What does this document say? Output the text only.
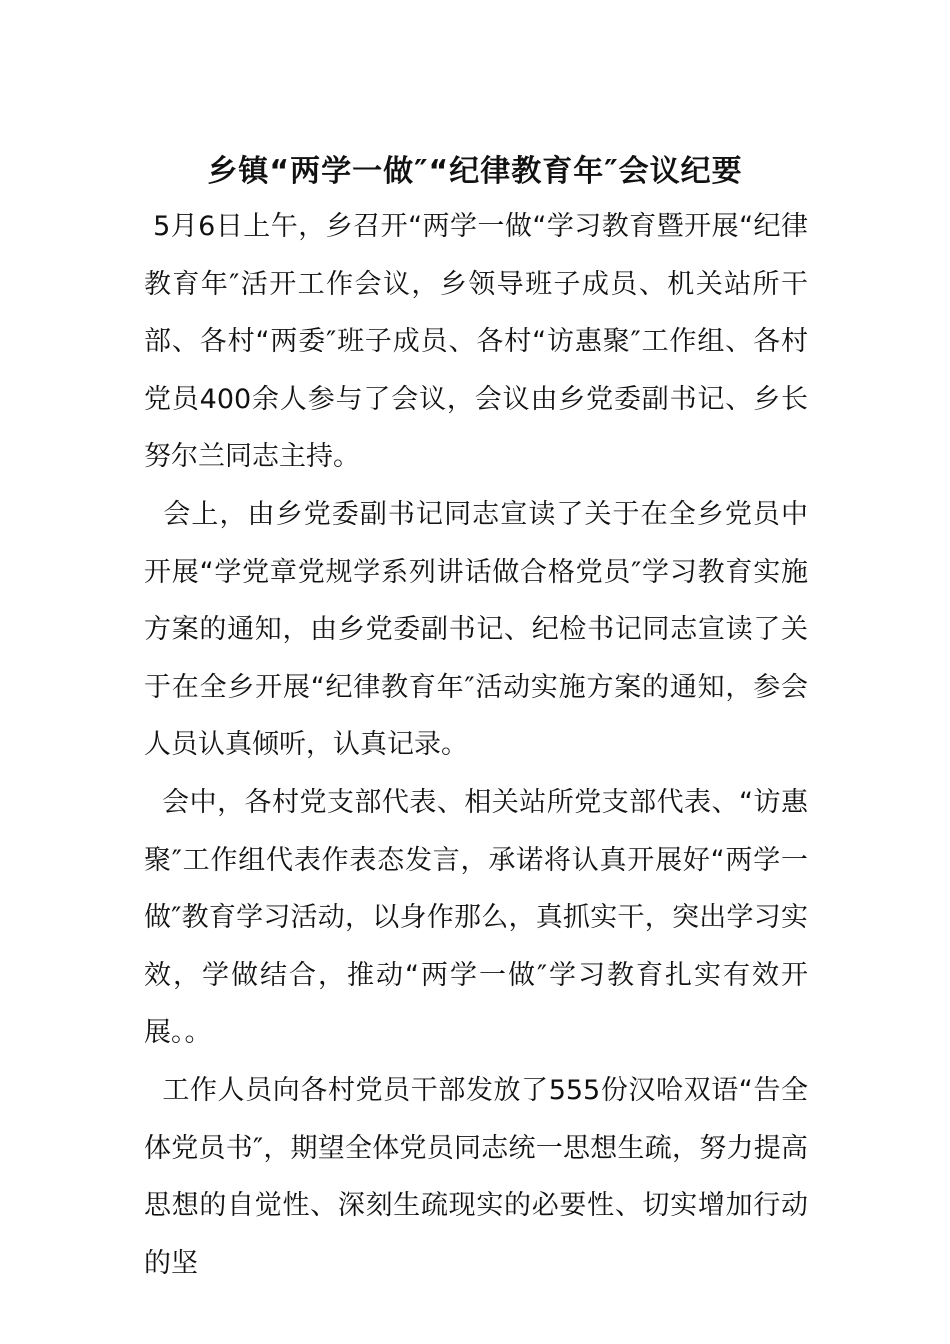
乡镇“两学一做″“纪律教育年″会议纪要

5月6日上午，乡召开“两学一做“学习教育暨开展“纪律教育年″活开工作会议，乡领导班子成员、机关站所干部、各村“两委″班子成员、各村“访惠聚″工作组、各村党员400余人参与了会议，会议由乡党委副书记、乡长努尔兰同志主持。

会上，由乡党委副书记同志宣读了关于在全乡党员中开展“学党章党规学系列讲话做合格党员″学习教育实施方案的通知，由乡党委副书记、纪检书记同志宣读了关于在全乡开展“纪律教育年″活动实施方案的通知，参会人员认真倾听，认真记录。

会中，各村党支部代表、相关站所党支部代表、“访惠聚″工作组代表作表态发言，承诺将认真开展好“两学一做″教育学习活动，以身作那么，真抓实干，突出学习实效，学做结合，推动“两学一做″学习教育扎实有效开展。。

工作人员向各村党员干部发放了555份汉哈双语“告全体党员书″，期望全体党员同志统一思想生疏，努力提高思想的自觉性、深刻生疏现实的必要性、切实增加行动的坚
